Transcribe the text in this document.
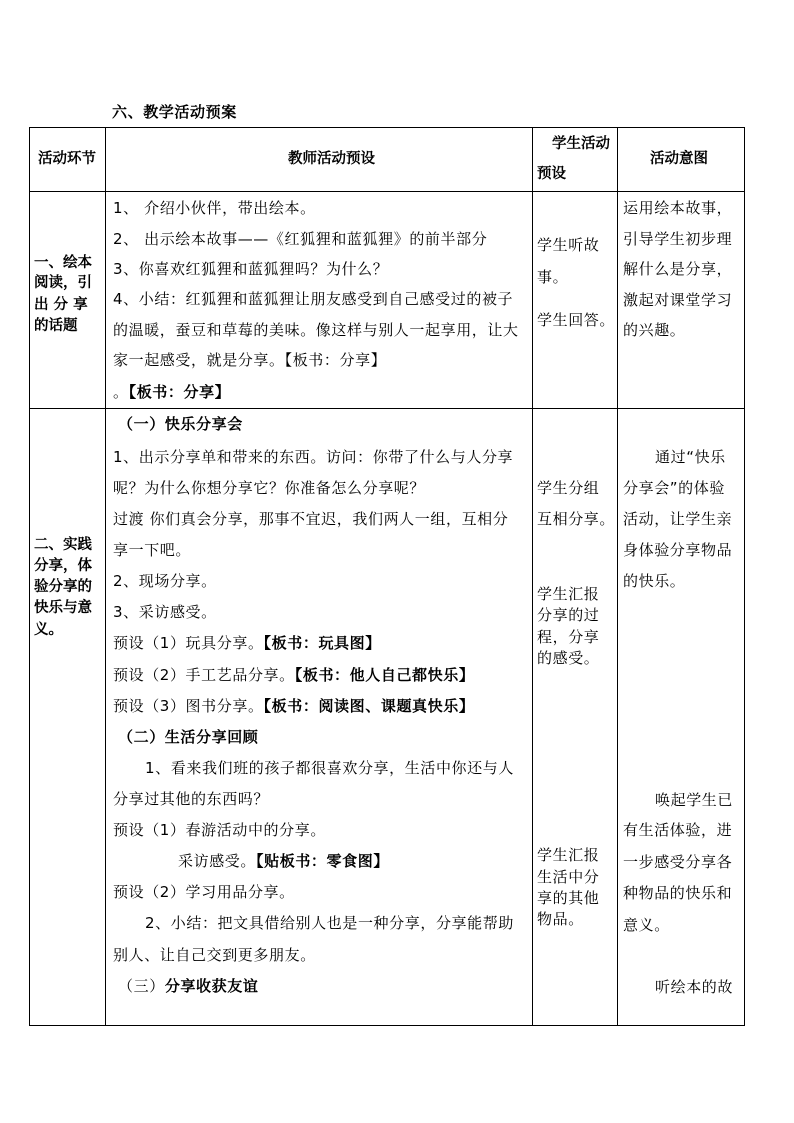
六、教学活动预案
活动环节	教师活动预设
学生活动
预设
活动意图
一、绘本
阅读，引
出 分 享
的话题
1、 介绍小伙伴，带出绘本。
2、 出示绘本故事——《红狐狸和蓝狐狸》的前半部分
3、你喜欢红狐狸和蓝狐狸吗？为什么？
4、小结：红狐狸和蓝狐狸让朋友感受到自己感受过的被子
的温暖，蚕豆和草莓的美味。像这样与别人一起享用，让大
家一起感受，就是分享。【板书：分享】
。【板书：分享】
学生听故
事。
学生回答。
运用绘本故事，
引导学生初步理
解什么是分享，
激起对课堂学习
的兴趣。
二、实践
分享，体
验分享的
快乐与意
义。
（一）快乐分享会
1、出示分享单和带来的东西。访问：你带了什么与人分享
呢？为什么你想分享它？你准备怎么分享呢？
过渡 你们真会分享，那事不宜迟，我们两人一组，互相分
享一下吧。
2、现场分享。
3、采访感受。
预设（1）玩具分享。【板书：玩具图】
预设（2）手工艺品分享。【板书：他人自己都快乐】
预设（3）图书分享。【板书：阅读图、课题真快乐】
（二）生活分享回顾
1、看来我们班的孩子都很喜欢分享，生活中你还与人
分享过其他的东西吗？
预设（1）春游活动中的分享。
采访感受。【贴板书：零食图】
预设（2）学习用品分享。
2、小结：把文具借给别人也是一种分享，分享能帮助
别人、让自己交到更多朋友。
（三）分享收获友谊
学生分组
互相分享。
学生汇报
分享的过
程，分享
的感受。
学生汇报
生活中分
享的其他
物品。
通过“快乐
分享会”的体验
活动，让学生亲
身体验分享物品
的快乐。
唤起学生已
有生活体验，进
一步感受分享各
种物品的快乐和
意义。
听绘本的故
